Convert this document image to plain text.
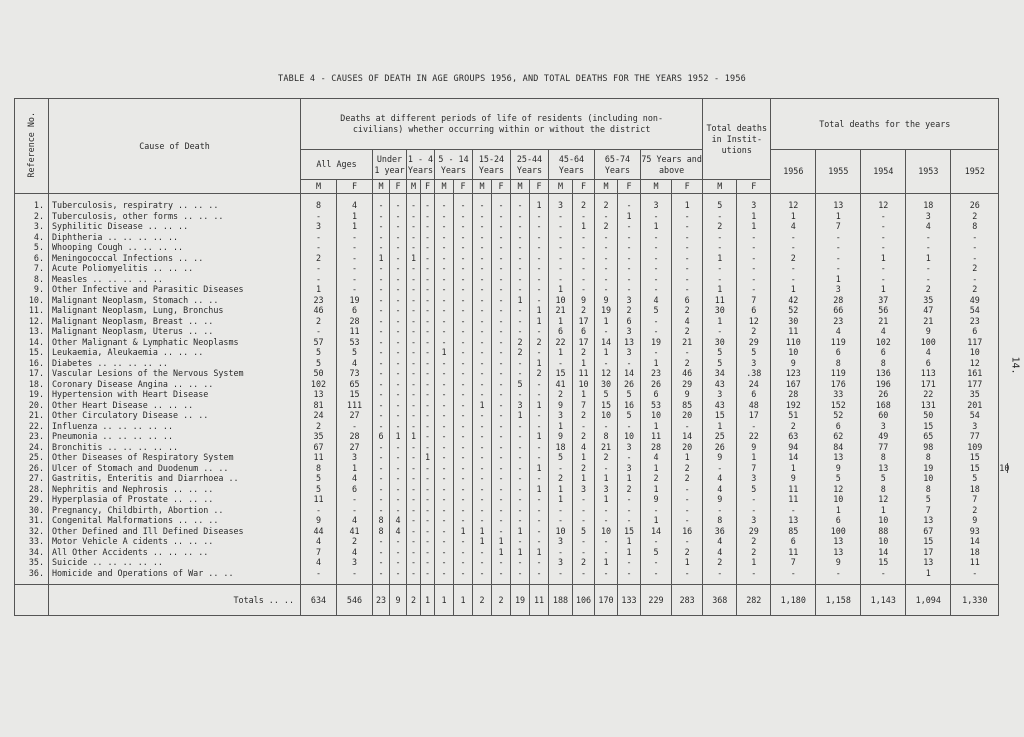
TABLE 4 - CAUSES OF DEATH IN AGE GROUPS 1956, AND TOTAL DEATHS FOR THE YEARS 1952 - 1956
14.
Reference No.	Cause of Death	Deaths at different periods of life of residents (including non-civilians) whether occurring within or without the district																		Total deaths in Instit-utions		Total deaths for the years					
		All Ages		Under 1 year		1 - 4 Years		5 - 14 Years		15-24 Years		25-44 Years		45-64 Years		65-74 Years		75 Years and above				1956	1955	1954	1953	1952	
		M	F	M	F	M	F	M	F	M	F	M	F	M	F	M	F	M	F	M	F						

1.	Tuberculosis, respiratry .. .. ..	8	4	-	-	-	-	-	-	-	-	-	1	3	2	2	-	3	1	5	3	12	13	12	18	26	
2.	Tuberculosis, other forms .. .. ..	-	1	-	-	-	-	-	-	-	-	-	-	-	-	-	1	-	-	-	1	1	1	-	3	2	
3.	Syphilitic Disease .. .. ..	3	1	-	-	-	-	-	-	-	-	-	-	-	1	2	-	1	-	2	1	4	7	-	4	8	
4.	Diphtheria .. .. .. .. ..	-	-	-	-	-	-	-	-	-	-	-	-	-	-	-	-	-	-	-	-	-	-	-	-	-	
5.	Whooping Cough .. .. .. ..	-	-	-	-	-	-	-	-	-	-	-	-	-	-	-	-	-	-	-	-	-	-	-	-	-	
6.	Meningococcal Infections .. ..	2	-	1	-	1	-	-	-	-	-	-	-	-	-	-	-	-	-	1	-	2	-	1	1	-	
7.	Acute Poliomyelitis .. .. ..	-	-	-	-	-	-	-	-	-	-	-	-	-	-	-	-	-	-	-	-	-	-	-	-	2	
8.	Measles .. .. .. .. ..	-	-	-	-	-	-	-	-	-	-	-	-	-	-	-	-	-	-	-	-	-	1	-	-	-	
9.	Other Infective and Parasitic Diseases	1	-	-	-	-	-	-	-	-	-	-	-	1	-	-	-	-	-	1	-	1	3	1	2	2	
10.	Malignant Neoplasm, Stomach .. ..	23	19	-	-	-	-	-	-	-	-	1	-	10	9	9	3	4	6	11	7	42	28	37	35	49	
11.	Malignant Neoplasm, Lung, Bronchus	46	6	-	-	-	-	-	-	-	-	-	1	21	2	19	2	5	2	30	6	52	66	56	47	54	
12.	Malignant Neoplasm, Breast .. ..	2	28	-	-	-	-	-	-	-	-	-	1	1	17	1	6	-	4	1	12	30	23	21	21	23	
13.	Malignant Neoplasm, Uterus .. ..	-	11	-	-	-	-	-	-	-	-	-	-	6	6	-	3	-	2	-	2	11	4	4	9	6	
14.	Other Malignant & Lymphatic Neoplasms	57	53	-	-	-	-	-	-	-	-	2	2	22	17	14	13	19	21	30	29	110	119	102	100	117	
15.	Leukaemia, Aleukaemia .. .. ..	5	5	-	-	-	-	1	-	-	-	2	-	1	2	1	3	-	-	5	5	10	6	6	4	10	
16.	Diabetes .. .. .. .. ..	5	4	-	-	-	-	-	-	-	-	-	1	-	1	-	-	1	2	5	3	9	8	8	6	12	
17.	Vascular Lesions of the Nervous System	50	73	-	-	-	-	-	-	-	-	-	2	15	11	12	14	23	46	34	.38	123	119	136	113	161	
18.	Coronary Disease Angina .. .. ..	102	65	-	-	-	-	-	-	-	-	5	-	41	10	30	26	26	29	43	24	167	176	196	171	177	
19.	Hypertension with Heart Disease	13	15	-	-	-	-	-	-	-	-	-	-	2	1	5	5	6	9	3	6	28	33	26	22	35	
20.	Other Heart Disease .. .. ..	81	111	-	-	-	-	-	-	1	-	3	1	9	7	15	16	53	85	43	48	192	152	168	131	201	
21.	Other Circulatory Disease .. ..	24	27	-	-	-	-	-	-	-	-	1	-	3	2	10	5	10	20	15	17	51	52	60	50	54	
22.	Influenza .. .. .. .. ..	2	-	-	-	-	-	-	-	-	-	-	-	1	-	-	-	1	-	1	-	2	6	3	15	3	
23.	Pneumonia .. .. .. .. ..	35	28	6	1	1	-	-	-	-	-	-	1	9	2	8	10	11	14	25	22	63	62	49	65	77	
24.	Bronchitis .. .. .. .. ..	67	27	-	-	-	-	-	-	-	-	-	-	18	4	21	3	28	20	26	9	94	84	77	98	109	
25.	Other Diseases of Respiratory System	11	3	-	-	-	1	-	-	-	-	-	-	5	1	2	-	4	1	9	1	14	13	8	8	15	
26.	Ulcer of Stomach and Duodenum .. ..	8	1	-	-	-	-	-	-	-	-	-	1	-	2	-	3	1	2	-	7	1	9	13	19	15	10
27.	Gastritis, Enteritis and Diarrhoea ..	5	4	-	-	-	-	-	-	-	-	-	-	2	1	1	1	2	2	4	3	9	5	5	10	5	
28.	Nephritis and Nephrosis .. .. ..	5	6	-	-	-	-	-	-	-	-	-	1	1	3	3	2	1	-	4	5	11	12	8	8	18	
29.	Hyperplasia of Prostate .. .. ..	11	-	-	-	-	-	-	-	-	-	-	-	1	-	1	-	9	-	9	-	11	10	12	5	7	
30.	Pregnancy, Childbirth, Abortion ..	-	-	-	-	-	-	-	-	-	-	-	-	-	-	-	-	-	-	-	-	-	1	1	7	2	
31.	Congenital Malformations .. .. ..	9	4	8	4	-	-	-	-	-	-	-	-	-	-	-	-	1	-	8	3	13	6	10	13	9	
32.	Other Defined and Ill Defined Diseases	44	41	8	4	-	-	-	1	1	-	1	-	10	5	10	15	14	16	36	29	85	100	88	67	93	
33.	Motor Vehicle A cidents .. .. ..	4	2	-	-	-	-	-	-	1	1	-	-	3	-	-	1	-	-	4	2	6	13	10	15	14	
34.	All Other Accidents .. .. .. ..	7	4	-	-	-	-	-	-	-	1	1	1	-	-	-	1	5	2	4	2	11	13	14	17	18	
35.	Suicide .. .. .. .. ..	4	3	-	-	-	-	-	-	-	-	-	-	3	2	1	-	-	1	2	1	7	9	15	13	11	
36.	Homicide and Operations of War .. ..	-	-	-	-	-	-	-	-	-	-	-	-	-	-	-	-	-	-	-	-	-	-	-	1	-	

	Totals .. ..	634	546	23	9	2	1	1	1	2	2	19	11	188	106	170	133	229	283	368	282	1,180	1,158	1,143	1,094	1,330	
